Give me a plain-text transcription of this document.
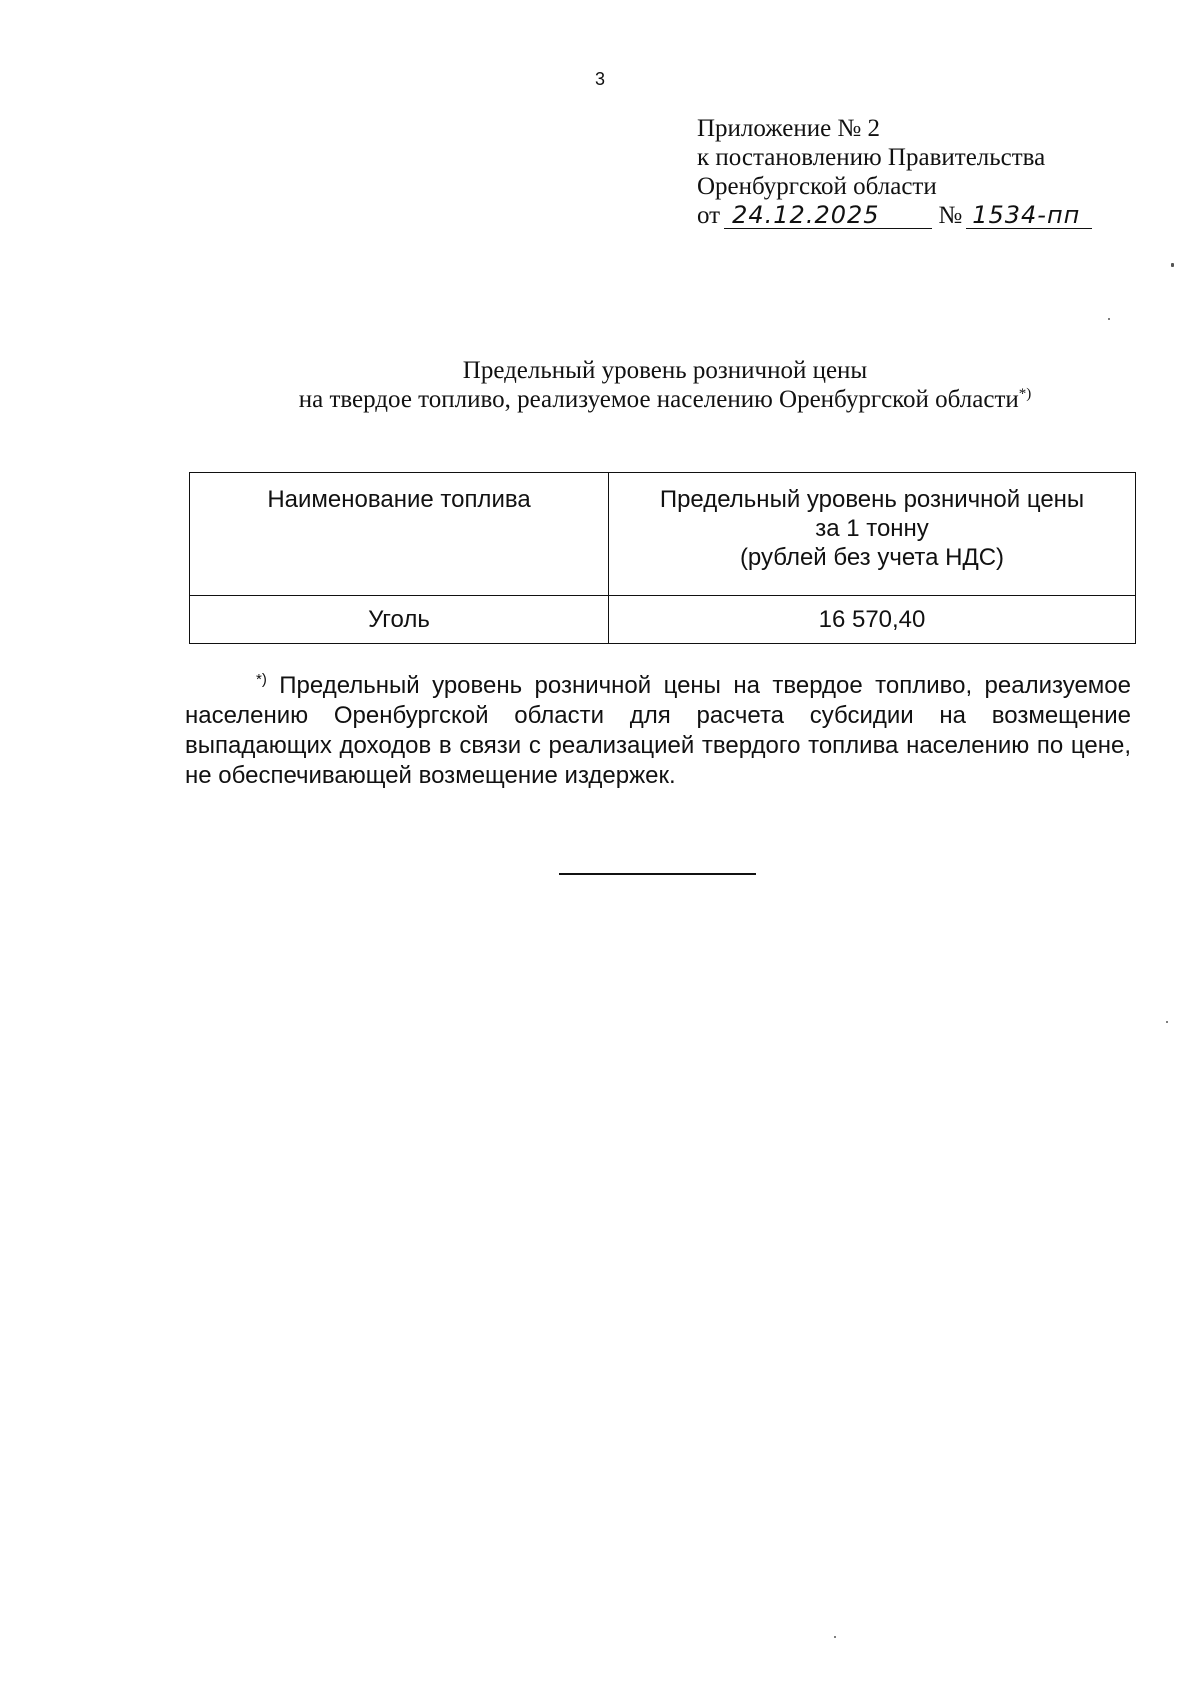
3
Приложение № 2
к постановлению Правительства
Оренбургской области
от 24.12.2025 № 1534-пп
Предельный уровень розничной цены
на твердое топливо, реализуемое населению Оренбургской области*)
Наименование топлива	Предельный уровень розничной цены
за 1 тонну
(рублей без учета НДС)

Уголь	16 570,40

*) Предельный уровень розничной цены на твердое топливо, реализуемое населению Оренбургской области для расчета субсидии на возмещение выпадающих доходов в связи с реализацией твердого топлива населению по цене, не обеспечивающей возмещение издержек.
